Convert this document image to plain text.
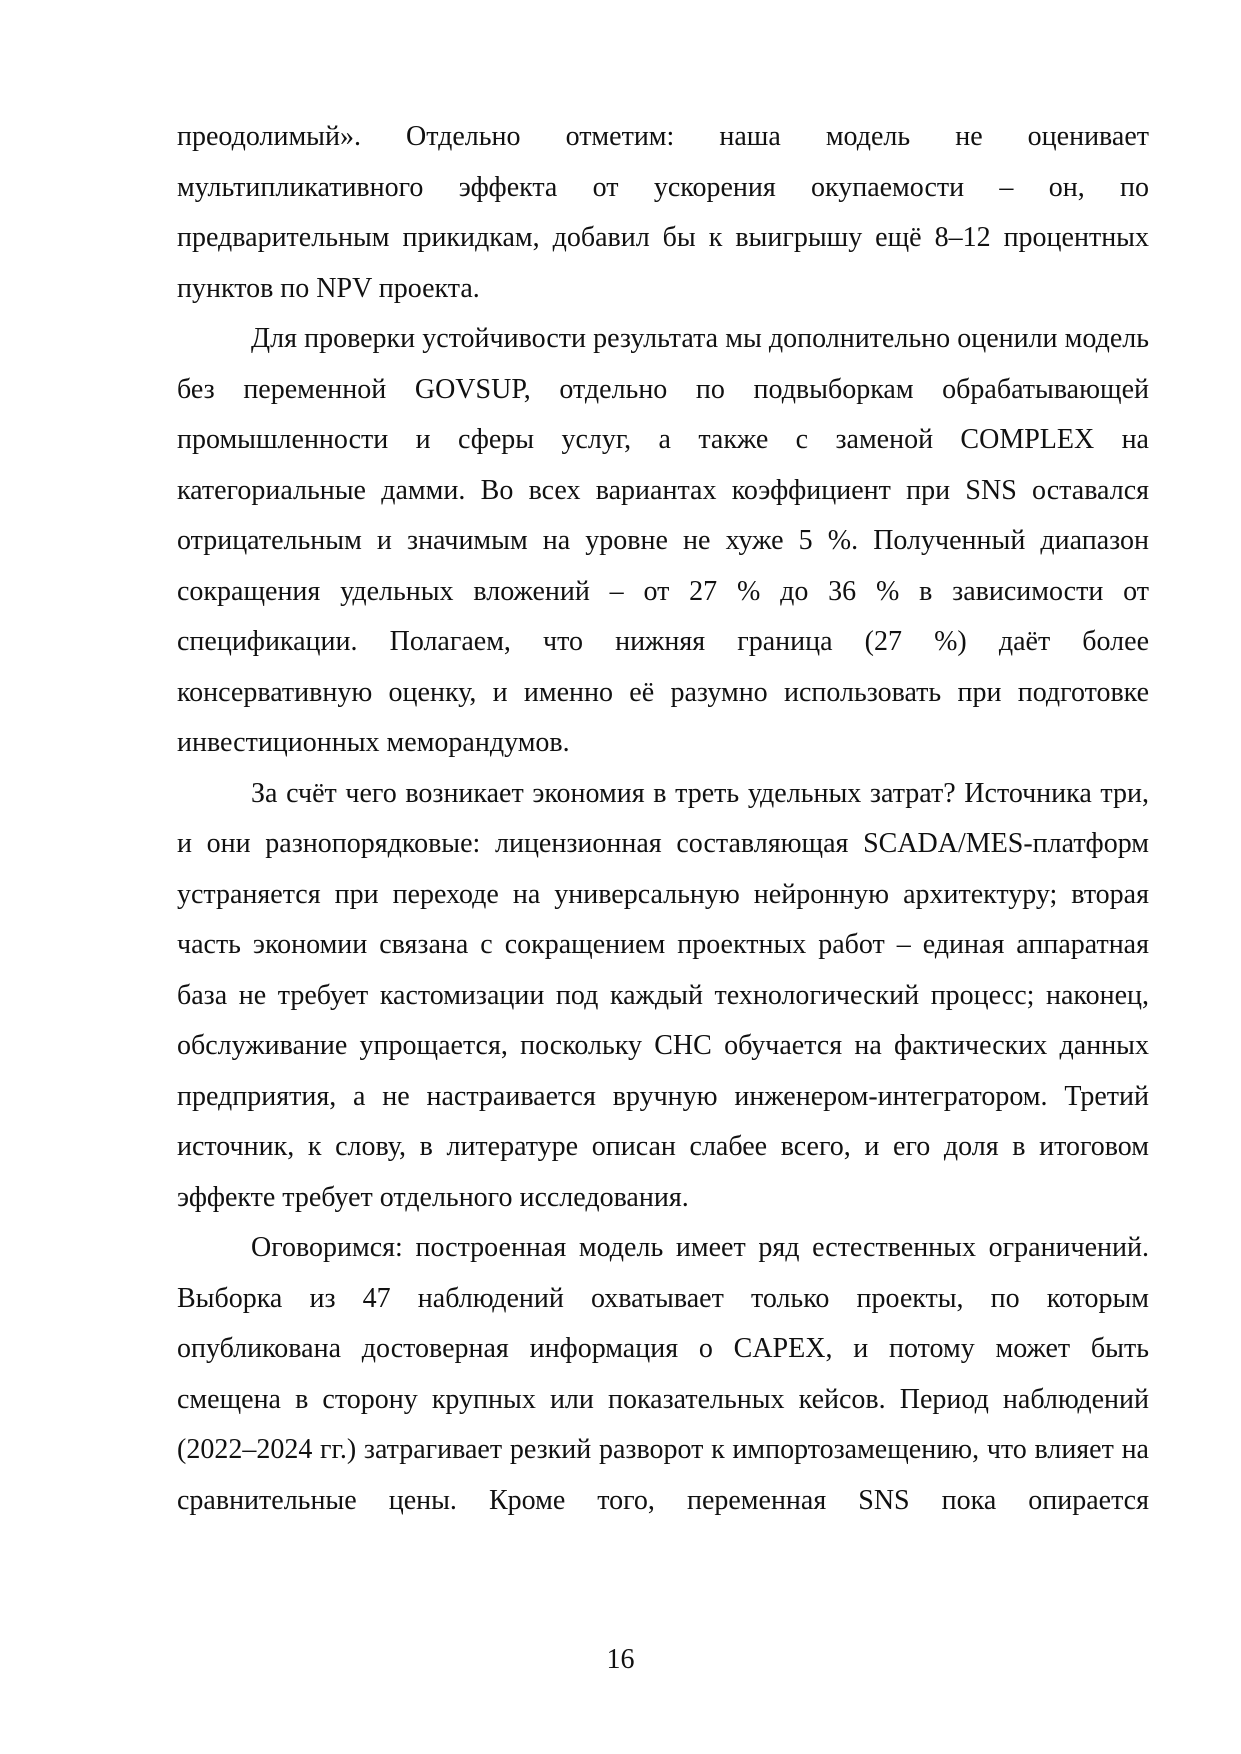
преодолимый». Отдельно отметим: наша модель не оценивает мультипликативного эффекта от ускорения окупаемости – он, по предварительным прикидкам, добавил бы к выигрышу ещё 8–12 процентных пунктов по NPV проекта.

Для проверки устойчивости результата мы дополнительно оценили модель без переменной GOVSUP, отдельно по подвыборкам обрабатывающей промышленности и сферы услуг, а также с заменой COMPLEX на категориальные дамми. Во всех вариантах коэффициент при SNS оставался отрицательным и значимым на уровне не хуже 5 %. Полученный диапазон сокращения удельных вложений – от 27 % до 36 % в зависимости от спецификации. Полагаем, что нижняя граница (27 %) даёт более консервативную оценку, и именно её разумно использовать при подготовке инвестиционных меморандумов.

За счёт чего возникает экономия в треть удельных затрат? Источника три, и они разнопорядковые: лицензионная составляющая SCADA/MES-платформ устраняется при переходе на универсальную нейронную архитектуру; вторая часть экономии связана с сокращением проектных работ – единая аппаратная база не требует кастомизации под каждый технологический процесс; наконец, обслуживание упрощается, поскольку СНС обучается на фактических данных предприятия, а не настраивается вручную инженером-интегратором. Третий источник, к слову, в литературе описан слабее всего, и его доля в итоговом эффекте требует отдельного исследования.

Оговоримся: построенная модель имеет ряд естественных ограничений. Выборка из 47 наблюдений охватывает только проекты, по которым опубликована достоверная информация о CAPEX, и потому может быть смещена в сторону крупных или показательных кейсов. Период наблюдений (2022–2024 гг.) затрагивает резкий разворот к импортозамещению, что влияет на сравнительные цены. Кроме того, переменная SNS пока опирается

16
